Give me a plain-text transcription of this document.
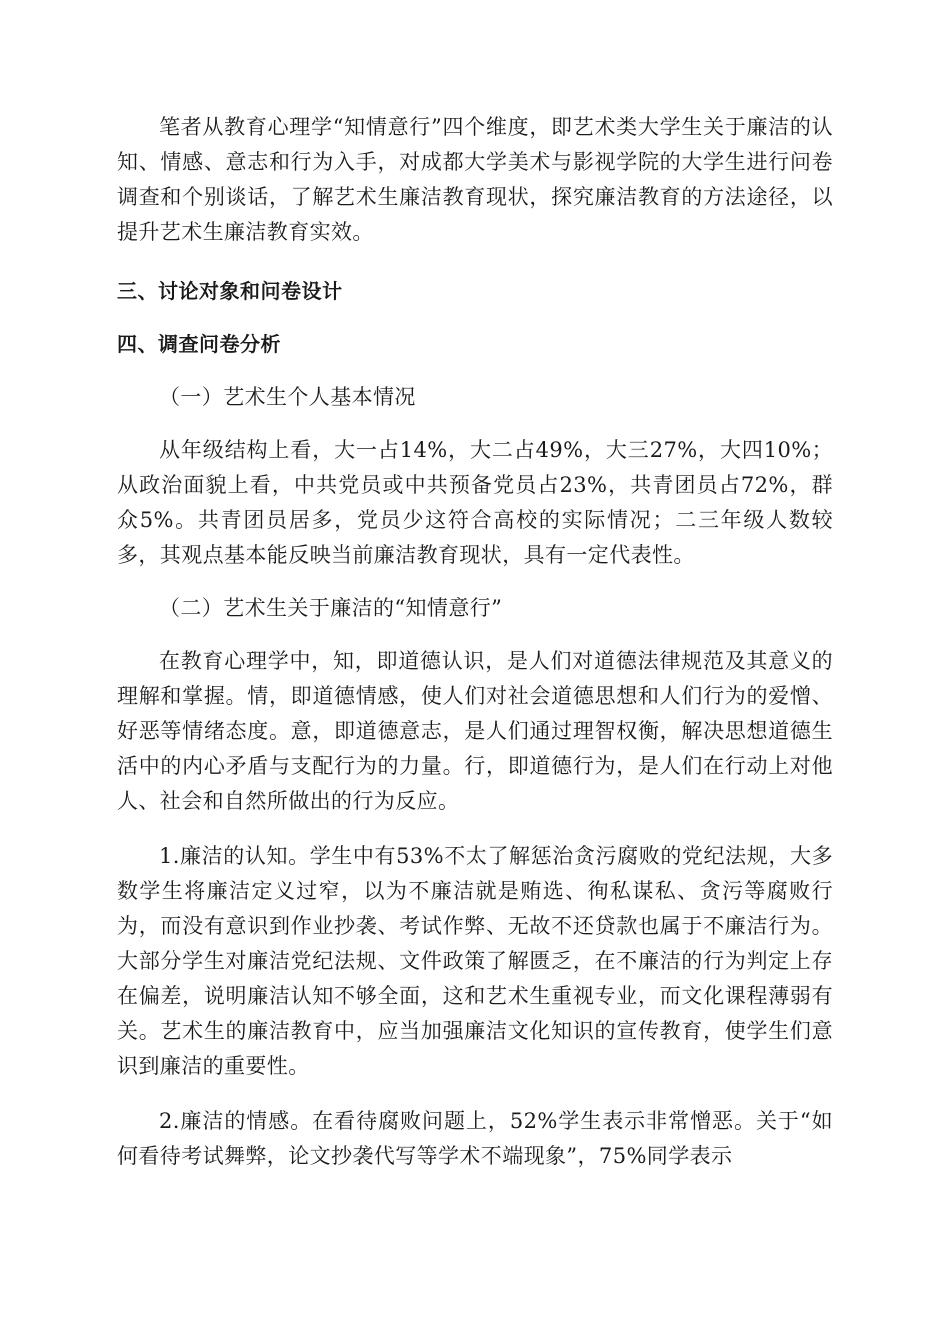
笔者从教育心理学“知情意行”四个维度，即艺术类大学生关于廉洁的认知、情感、意志和行为入手，对成都大学美术与影视学院的大学生进行问卷调查和个别谈话，了解艺术生廉洁教育现状，探究廉洁教育的方法途径，以提升艺术生廉洁教育实效。

三、讨论对象和问卷设计

四、调查问卷分析

（一）艺术生个人基本情况

从年级结构上看，大一占14%，大二占49%，大三27%，大四10%；从政治面貌上看，中共党员或中共预备党员占23%，共青团员占72%，群众5%。共青团员居多，党员少这符合高校的实际情况；二三年级人数较多，其观点基本能反映当前廉洁教育现状，具有一定代表性。

（二）艺术生关于廉洁的“知情意行”

在教育心理学中，知，即道德认识，是人们对道德法律规范及其意义的理解和掌握。情，即道德情感，使人们对社会道德思想和人们行为的爱憎、好恶等情绪态度。意，即道德意志，是人们通过理智权衡，解决思想道德生活中的内心矛盾与支配行为的力量。行，即道德行为，是人们在行动上对他人、社会和自然所做出的行为反应。

1.廉洁的认知。学生中有53%不太了解惩治贪污腐败的党纪法规，大多数学生将廉洁定义过窄，以为不廉洁就是贿选、徇私谋私、贪污等腐败行为，而没有意识到作业抄袭、考试作弊、无故不还贷款也属于不廉洁行为。大部分学生对廉洁党纪法规、文件政策了解匮乏，在不廉洁的行为判定上存在偏差，说明廉洁认知不够全面，这和艺术生重视专业，而文化课程薄弱有关。艺术生的廉洁教育中，应当加强廉洁文化知识的宣传教育，使学生们意识到廉洁的重要性。

2.廉洁的情感。在看待腐败问题上，52%学生表示非常憎恶。关于“如何看待考试舞弊，论文抄袭代写等学术不端现象”，75%同学表示
